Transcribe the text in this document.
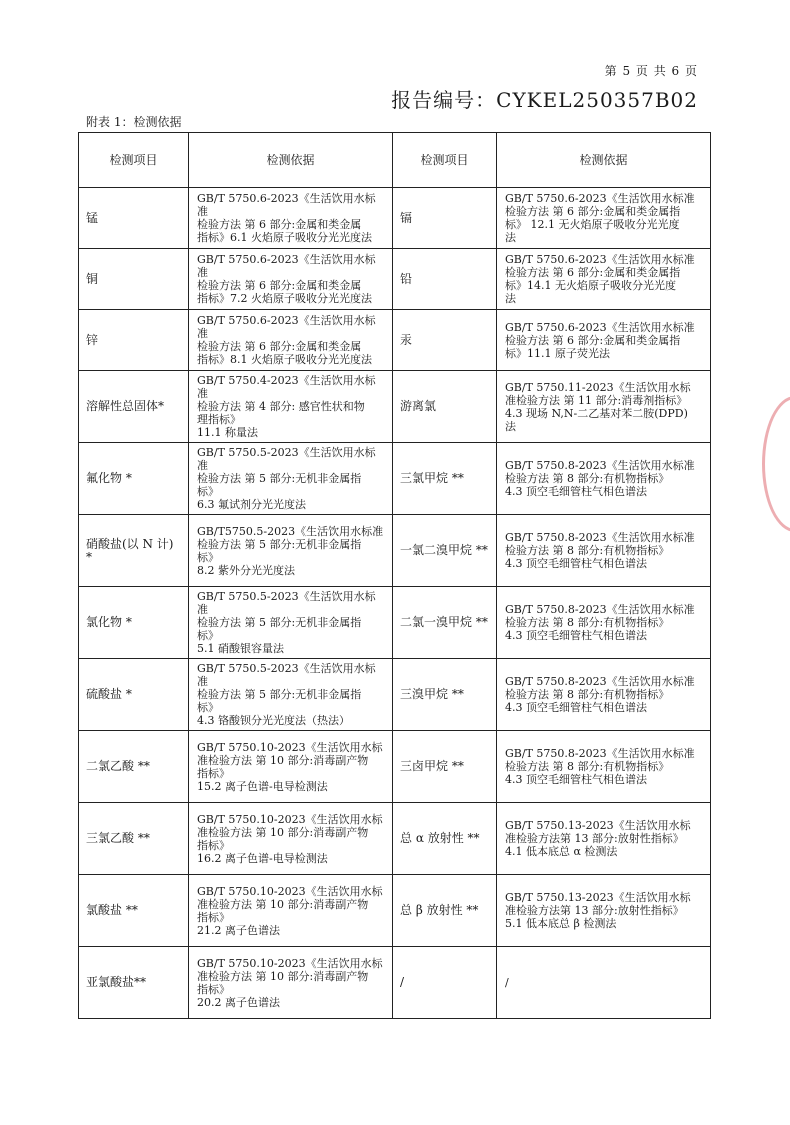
第 5 页 共 6 页
报告编号：CYKEL250357B02
附表 1：检测依据
检测项目	检测依据	检测项目	检测依据
锰	GB/T 5750.6-2023《生活饮用水标准
检验方法 第 6 部分:金属和类金属
指标》6.1 火焰原子吸收分光光度法	镉	GB/T 5750.6-2023《生活饮用水标准
检验方法 第 6 部分:金属和类金属指
标》 12.1 无火焰原子吸收分光光度
法
铜	GB/T 5750.6-2023《生活饮用水标准
检验方法 第 6 部分:金属和类金属
指标》7.2 火焰原子吸收分光光度法	铅	GB/T 5750.6-2023《生活饮用水标准
检验方法 第 6 部分:金属和类金属指
标》14.1 无火焰原子吸收分光光度
法
锌	GB/T 5750.6-2023《生活饮用水标准
检验方法 第 6 部分:金属和类金属
指标》8.1 火焰原子吸收分光光度法	汞	GB/T 5750.6-2023《生活饮用水标准
检验方法 第 6 部分:金属和类金属指
标》11.1 原子荧光法
溶解性总固体*	GB/T 5750.4-2023《生活饮用水标准
检验方法 第 4 部分: 感官性状和物
理指标》
11.1 称量法	游离氯	GB/T 5750.11-2023《生活饮用水标
准检验方法 第 11 部分:消毒剂指标》
4.3 现场 N,N-二乙基对苯二胺(DPD)
法
氟化物 *	GB/T 5750.5-2023《生活饮用水标准
检验方法 第 5 部分:无机非金属指
标》
6.3 氟试剂分光光度法	三氯甲烷 **	GB/T 5750.8-2023《生活饮用水标准
检验方法 第 8 部分:有机物指标》
4.3 顶空毛细管柱气相色谱法
硝酸盐(以 N 计) *	GB/T5750.5-2023《生活饮用水标准
检验方法 第 5 部分:无机非金属指
标》
8.2 紫外分光光度法	一氯二溴甲烷 **	GB/T 5750.8-2023《生活饮用水标准
检验方法 第 8 部分:有机物指标》
4.3 顶空毛细管柱气相色谱法
氯化物 *	GB/T 5750.5-2023《生活饮用水标准
检验方法 第 5 部分:无机非金属指
标》
5.1 硝酸银容量法	二氯一溴甲烷 **	GB/T 5750.8-2023《生活饮用水标准
检验方法 第 8 部分:有机物指标》
4.3 顶空毛细管柱气相色谱法
硫酸盐 *	GB/T 5750.5-2023《生活饮用水标准
检验方法 第 5 部分:无机非金属指
标》
4.3 铬酸钡分光光度法（热法）	三溴甲烷 **	GB/T 5750.8-2023《生活饮用水标准
检验方法 第 8 部分:有机物指标》
4.3 顶空毛细管柱气相色谱法
二氯乙酸 **	GB/T 5750.10-2023《生活饮用水标
准检验方法 第 10 部分:消毒副产物
指标》
15.2 离子色谱-电导检测法	三卤甲烷 **	GB/T 5750.8-2023《生活饮用水标准
检验方法 第 8 部分:有机物指标》
4.3 顶空毛细管柱气相色谱法
三氯乙酸 **	GB/T 5750.10-2023《生活饮用水标
准检验方法 第 10 部分:消毒副产物
指标》
16.2 离子色谱-电导检测法	总 α 放射性 **	GB/T 5750.13-2023《生活饮用水标
准检验方法第 13 部分:放射性指标》
4.1 低本底总 α 检测法
氯酸盐 **	GB/T 5750.10-2023《生活饮用水标
准检验方法 第 10 部分:消毒副产物
指标》
21.2 离子色谱法	总 β 放射性 **	GB/T 5750.13-2023《生活饮用水标
准检验方法第 13 部分:放射性指标》
5.1 低本底总 β 检测法
亚氯酸盐**	GB/T 5750.10-2023《生活饮用水标
准检验方法 第 10 部分:消毒副产物
指标》
20.2 离子色谱法	/	/
